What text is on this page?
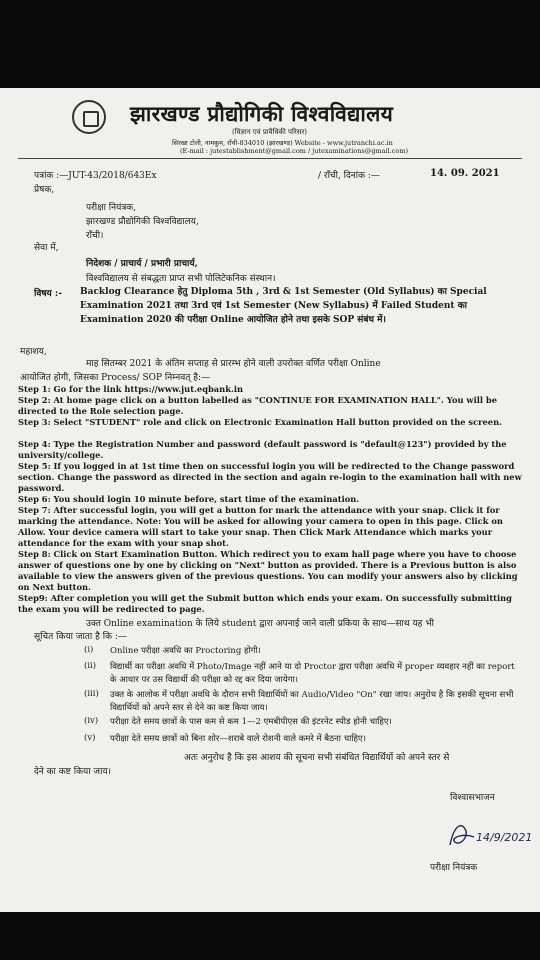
झारखण्ड प्रौद्योगिकी विश्वविद्यालय
(विज्ञान एवं प्रावैधिकी परिसर)
सिरखा टोली, नामकुम, राँची-834010 (झारखण्ड) Website - www.jutranchi.ac.in
(E-mail : jutestablishment@gmail.com / jutexaminations@gmail.com)
पत्रांक :—JUT-43/2018/643Ex	/ राँची, दिनांक :—	14. 09. 2021
प्रेषक,
परीक्षा नियंत्रक,
झारखण्ड प्रौद्योगिकी विश्वविद्यालय,
राँची।
सेवा में,
निदेशक / प्राचार्य / प्रभारी प्राचार्य,
विश्वविद्यालय से संबद्धता प्राप्त सभी पोलिटेकनिक संस्थान।
विषय :- Backlog Clearance हेतु Diploma 5th , 3rd & 1st Semester (Old Syllabus) का Special
Examination 2021 तथा 3rd एवं 1st Semester (New Syllabus) में Failed Student का
Examination 2020 की परीक्षा Online आयोजित होने तथा इसके SOP संबंध में।
महाशय,
माह सितम्बर 2021 के अंतिम सप्ताह से प्रारम्भ होने वाली उपरोक्त वर्णित परीक्षा Online
आयोजित होगी, जिसका Process/ SOP निम्नवत् है:—
Step 1: Go for the link https://www.jut.eqbank.in
Step 2: At home page click on a button labelled as "CONTINUE FOR EXAMINATION HALL". You will be directed to the Role selection page.
Step 3: Select "STUDENT" role and click on Electronic Examination Hall button provided on the screen.
Step 4: Type the Registration Number and password (default password is "default@123") provided by the university/college.
Step 5: If you logged in at 1st time then on successful login you will be redirected to the Change password section. Change the password as directed in the section and again re-login to the examination hall with new password.
Step 6: You should login 10 minute before, start time of the examination.
Step 7: After successful login, you will get a button for mark the attendance with your snap. Click it for marking the attendance. Note: You will be asked for allowing your camera to open in this page. Click on Allow. Your device camera will start to take your snap. Then Click Mark Attendance which marks your attendance for the exam with your snap shot.
Step 8: Click on Start Examination Button. Which redirect you to exam hall page where you have to choose answer of questions one by one by clicking on "Next" button as provided. There is a Previous button is also available to view the answers given of the previous questions. You can modify your answers also by clicking on Next button.
Step9: After completion you will get the Submit button which ends your exam. On successfully submitting the exam you will be redirected to page.
उक्त Online examination के लिये student द्वारा अपनाई जाने वाली प्रकिया के साथ—साथ यह भी
सूचित किया जाता है कि :—
(i) Online परीक्षा अवधि का Proctoring होगी।
(ii) विद्यार्थी का परीक्षा अवधि में Photo/Image नहीं आने या दो Proctor द्वारा परीक्षा अवधि में proper व्यवहार नहीं का report के आधार पर उस विद्यार्थी की परीक्षा को रद्द कर दिया जायेगा।
(iii) उक्त के आलोक में परीक्षा अवधि के दौरान सभी विद्यार्थियों का Audio/Video "On" रखा जाय। अनुरोध है कि इसकी सूचना सभी विद्यार्थियों को अपने स्तर से देने का कष्ट किया जाय।
(iv) परीक्षा देते समय छात्रों के पास कम से कम 1—2 एमबीपीएस की इंटरनेट स्पीड होनी चाहिए।
(v) परीक्षा देते समय छात्रों को बिना शोर—शराबे वाले रोशनी वाले कमरे में बैठना चाहिए।
अतः अनुरोध है कि इस आशय की सूचना सभी संबंधित विद्यार्थियों को अपने स्तर से
देने का कष्ट किया जाय।
विश्वासभाजन
14/9/2021
परीक्षा नियंत्रक
